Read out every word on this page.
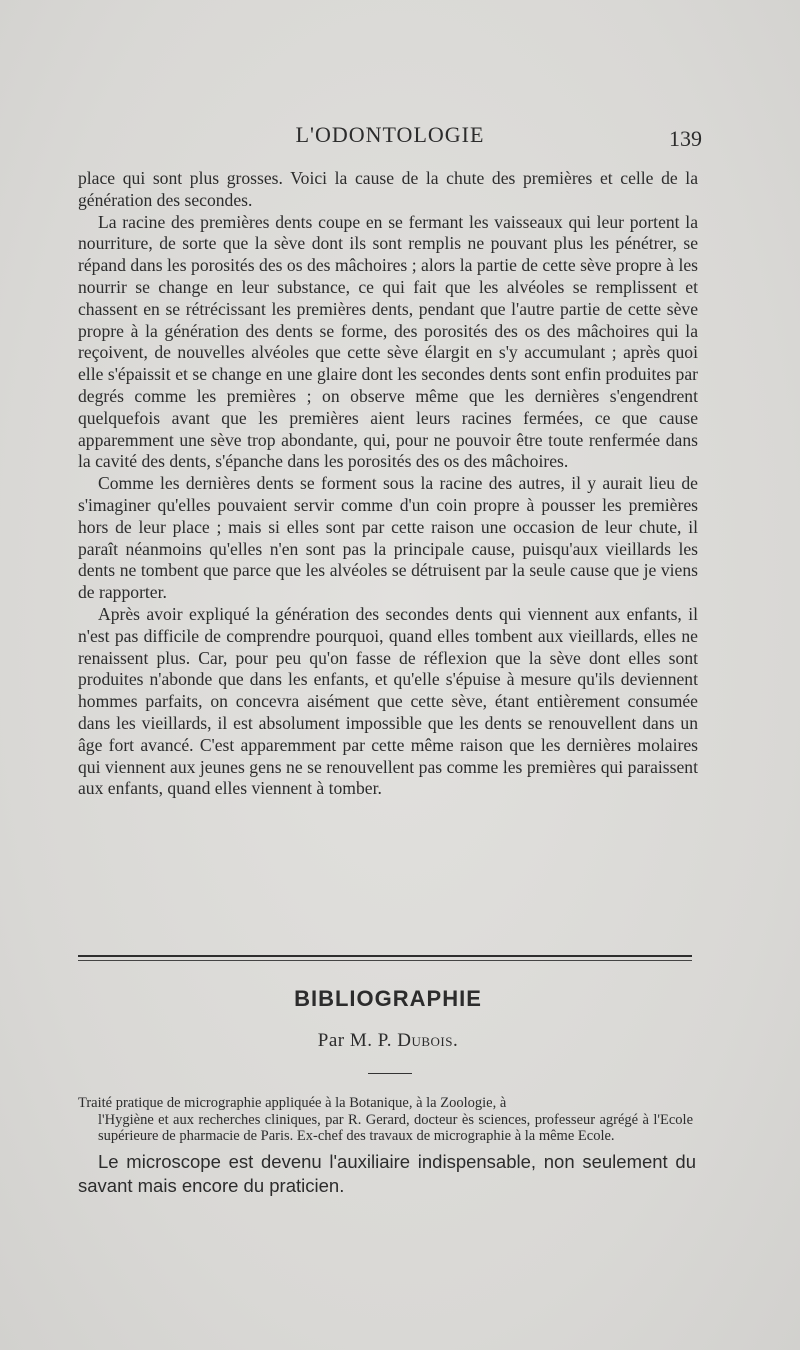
L'ODONTOLOGIE	139

place qui sont plus grosses. Voici la cause de la chute des premières et celle de la génération des secondes.

La racine des premières dents coupe en se fermant les vaisseaux qui leur portent la nourriture, de sorte que la sève dont ils sont remplis ne pouvant plus les pénétrer, se répand dans les porosités des os des mâchoires ; alors la partie de cette sève propre à les nourrir se change en leur substance, ce qui fait que les alvéoles se remplissent et chassent en se rétrécissant les premières dents, pendant que l'autre partie de cette sève propre à la génération des dents se forme, des porosités des os des mâchoires qui la reçoivent, de nouvelles alvéoles que cette sève élargit en s'y accumulant ; après quoi elle s'épaissit et se change en une glaire dont les secondes dents sont enfin produites par degrés comme les premières ; on observe même que les dernières s'engendrent quelquefois avant que les premières aient leurs racines fermées, ce que cause apparemment une sève trop abondante, qui, pour ne pouvoir être toute renfermée dans la cavité des dents, s'épanche dans les porosités des os des mâchoires.

Comme les dernières dents se forment sous la racine des autres, il y aurait lieu de s'imaginer qu'elles pouvaient servir comme d'un coin propre à pousser les premières hors de leur place ; mais si elles sont par cette raison une occasion de leur chute, il paraît néanmoins qu'elles n'en sont pas la principale cause, puisqu'aux vieillards les dents ne tombent que parce que les alvéoles se détruisent par la seule cause que je viens de rapporter.

Après avoir expliqué la génération des secondes dents qui viennent aux enfants, il n'est pas difficile de comprendre pourquoi, quand elles tombent aux vieillards, elles ne renaissent plus. Car, pour peu qu'on fasse de réflexion que la sève dont elles sont produites n'abonde que dans les enfants, et qu'elle s'épuise à mesure qu'ils deviennent hommes parfaits, on concevra aisément que cette sève, étant entièrement consumée dans les vieillards, il est absolument impossible que les dents se renouvellent dans un âge fort avancé. C'est apparemment par cette même raison que les dernières molaires qui viennent aux jeunes gens ne se renouvellent pas comme les premières qui paraissent aux enfants, quand elles viennent à tomber.

BIBLIOGRAPHIE
Par M. P. Dubois.
Traité pratique de micrographie appliquée à la Botanique, à la Zoologie, à
l'Hygiène et aux recherches cliniques, par R. Gerard, docteur ès sciences, professeur agrégé à l'Ecole supérieure de pharmacie de Paris. Ex-chef des travaux de micrographie à la même Ecole.
Le microscope est devenu l'auxiliaire indispensable, non seulement du savant mais encore du praticien.
